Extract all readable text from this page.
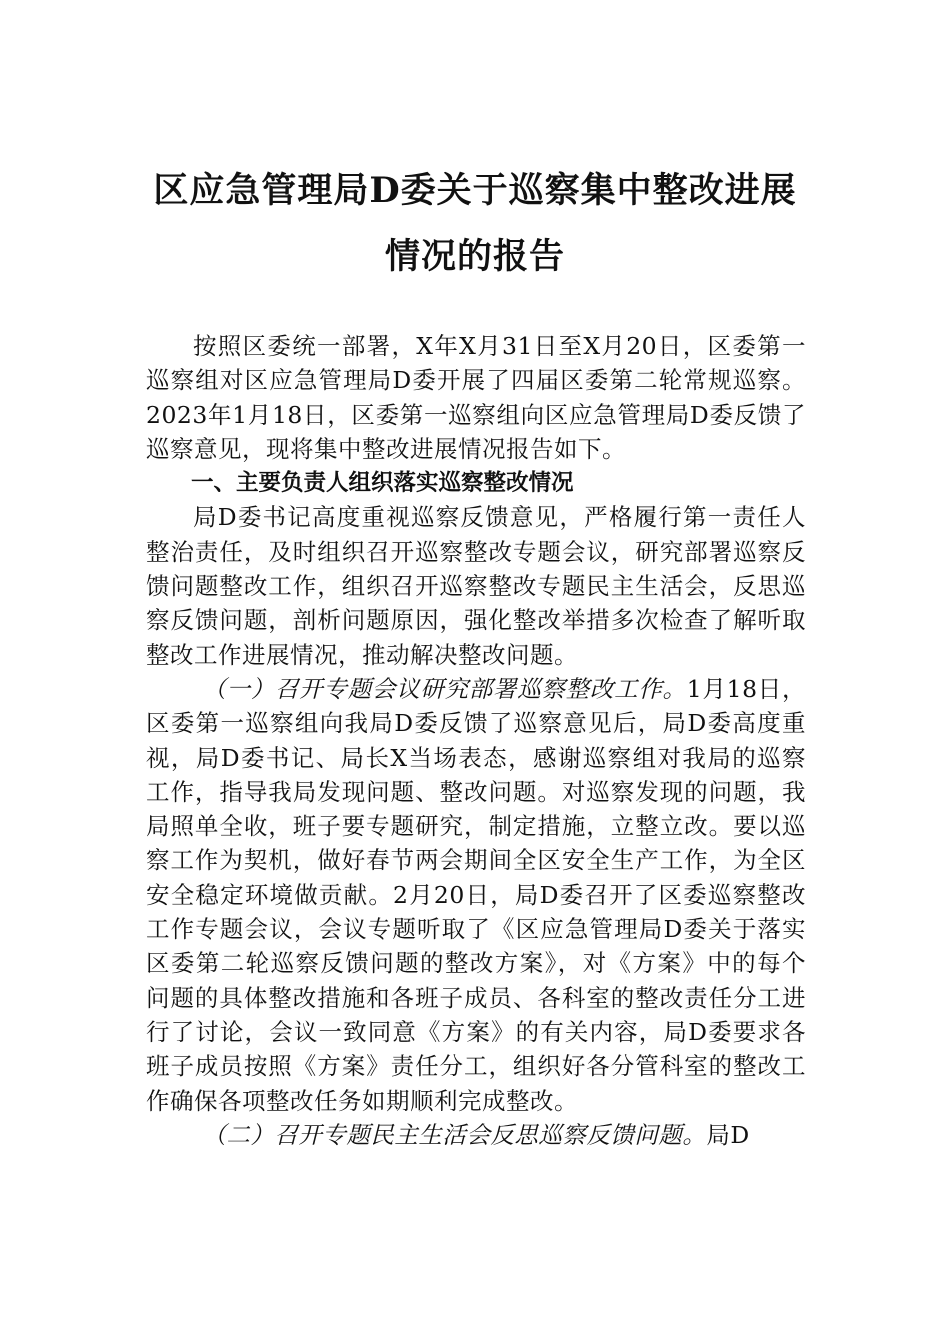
区应急管理局D委关于巡察集中整改进展
情况的报告

按照区委统一部署，X年X月31日至X月20日，区委第一巡察组对区应急管理局D委开展了四届区委第二轮常规巡察。2023年1月18日，区委第一巡察组向区应急管理局D委反馈了巡察意见，现将集中整改进展情况报告如下。

一、主要负责人组织落实巡察整改情况

局D委书记高度重视巡察反馈意见，严格履行第一责任人整治责任，及时组织召开巡察整改专题会议，研究部署巡察反馈问题整改工作，组织召开巡察整改专题民主生活会，反思巡察反馈问题，剖析问题原因，强化整改举措多次检查了解听取整改工作进展情况，推动解决整改问题。

（一）召开专题会议研究部署巡察整改工作。1月18日，区委第一巡察组向我局D委反馈了巡察意见后，局D委高度重视，局D委书记、局长X当场表态，感谢巡察组对我局的巡察工作，指导我局发现问题、整改问题。对巡察发现的问题，我局照单全收，班子要专题研究，制定措施，立整立改。要以巡察工作为契机，做好春节两会期间全区安全生产工作，为全区安全稳定环境做贡献。2月20日，局D委召开了区委巡察整改工作专题会议，会议专题听取了《区应急管理局D委关于落实区委第二轮巡察反馈问题的整改方案》，对《方案》中的每个问题的具体整改措施和各班子成员、各科室的整改责任分工进行了讨论，会议一致同意《方案》的有关内容，局D委要求各班子成员按照《方案》责任分工，组织好各分管科室的整改工作确保各项整改任务如期顺利完成整改。

（二）召开专题民主生活会反思巡察反馈问题。局D
